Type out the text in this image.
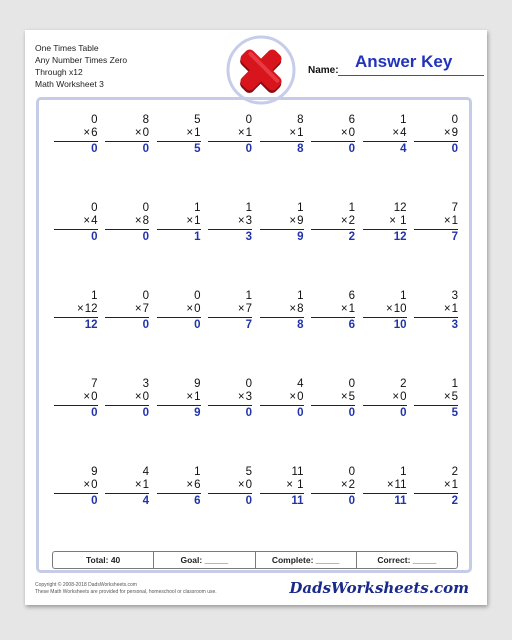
One Times Table
Any Number Times Zero
Through x12
Math Worksheet 3
Name: Answer Key
0
×6
0
8
×0
0
5
×1
5
0
×1
0
8
×1
8
6
×0
0
1
×4
4
0
×9
0
0
×4
0
0
×8
0
1
×1
1
1
×3
3
1
×9
9
1
×2
2
12
× 1
12
7
×1
7
1
×12
12
0
×7
0
0
×0
0
1
×7
7
1
×8
8
6
×1
6
1
×10
10
3
×1
3
7
×0
0
3
×0
0
9
×1
9
0
×3
0
4
×0
0
0
×5
0
2
×0
0
1
×5
5
9
×0
0
4
×1
4
1
×6
6
5
×0
0
11
× 1
11
0
×2
0
1
×11
11
2
×1
2
Total: 40	Goal: _____	Complete: _____	Correct: _____
Copyright © 2008-2018 DadsWorksheets.com
These Math Worksheets are provided for personal, homeschool or classroom use.	DadsWorksheets.com
